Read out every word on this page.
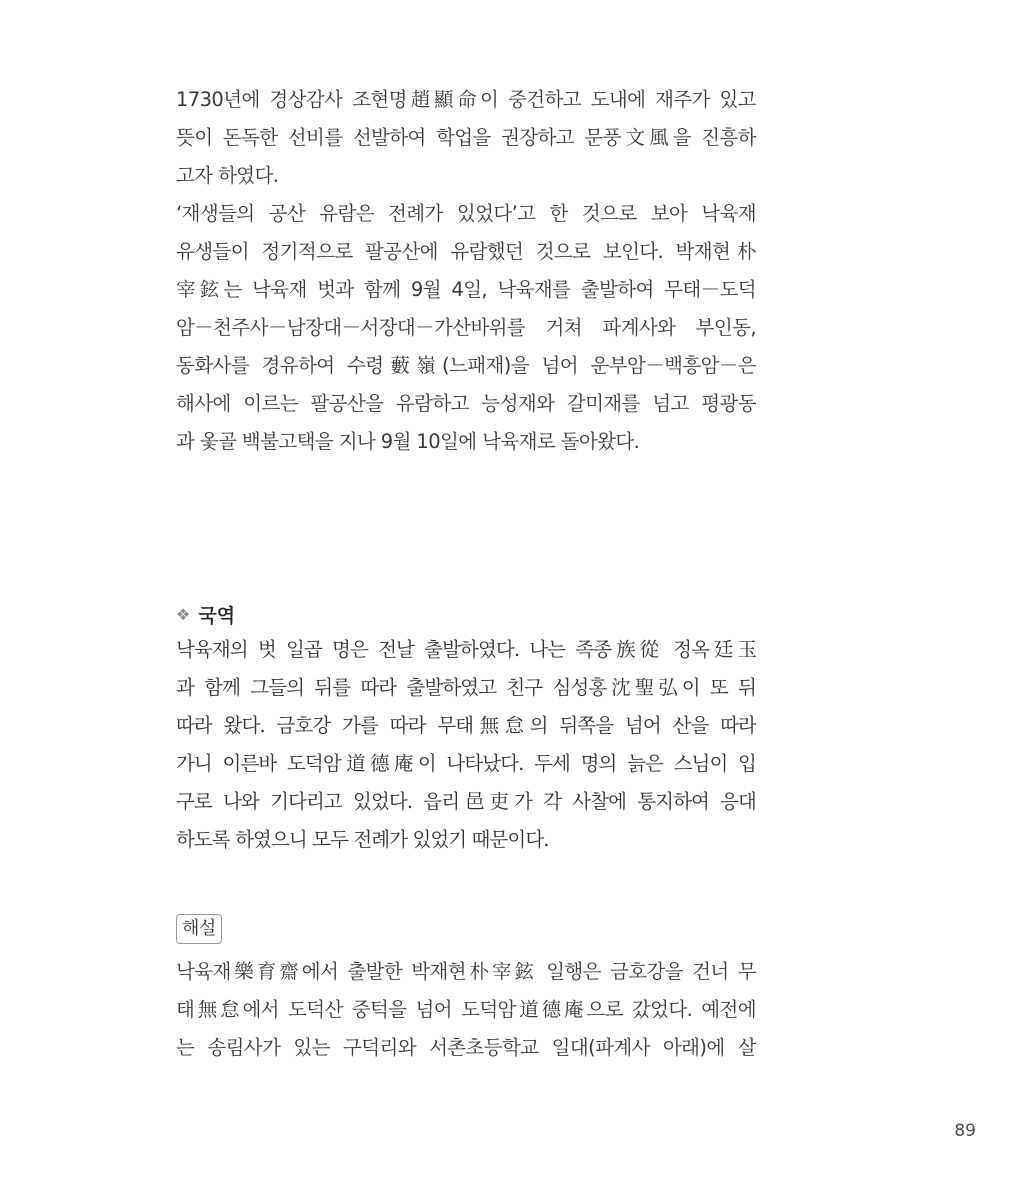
1730년에 경상감사 조현명趙顯命이 중건하고 도내에 재주가 있고
뜻이 돈독한 선비를 선발하여 학업을 권장하고 문풍文風을 진흥하
고자 하였다.
‘재생들의 공산 유람은 전례가 있었다’고 한 것으로 보아 낙육재
유생들이 정기적으로 팔공산에 유람했던 것으로 보인다. 박재현朴
宰鉉는 낙육재 벗과 함께 9월 4일, 낙육재를 출발하여 무태－도덕
암－천주사－남장대－서장대－가산바위를 거쳐 파계사와 부인동,
동화사를 경유하여 수령藪嶺(느패재)을 넘어 운부암－백흥암－은
해사에 이르는 팔공산을 유람하고 능성재와 갈미재를 넘고 평광동
과 옻골 백불고택을 지나 9월 10일에 낙육재로 돌아왔다.
❖ 국역
낙육재의 벗 일곱 명은 전날 출발하였다. 나는 족종族從 정옥廷玉
과 함께 그들의 뒤를 따라 출발하였고 친구 심성홍沈聖弘이 또 뒤
따라 왔다. 금호강 가를 따라 무태無怠의 뒤쪽을 넘어 산을 따라
가니 이른바 도덕암道德庵이 나타났다. 두세 명의 늙은 스님이 입
구로 나와 기다리고 있었다. 읍리邑吏가 각 사찰에 통지하여 응대
하도록 하였으니 모두 전례가 있었기 때문이다.
해설
낙육재樂育齋에서 출발한 박재현朴宰鉉 일행은 금호강을 건너 무
태無怠에서 도덕산 중턱을 넘어 도덕암道德庵으로 갔었다. 예전에
는 송림사가 있는 구덕리와 서촌초등학교 일대(파계사 아래)에 살
89
